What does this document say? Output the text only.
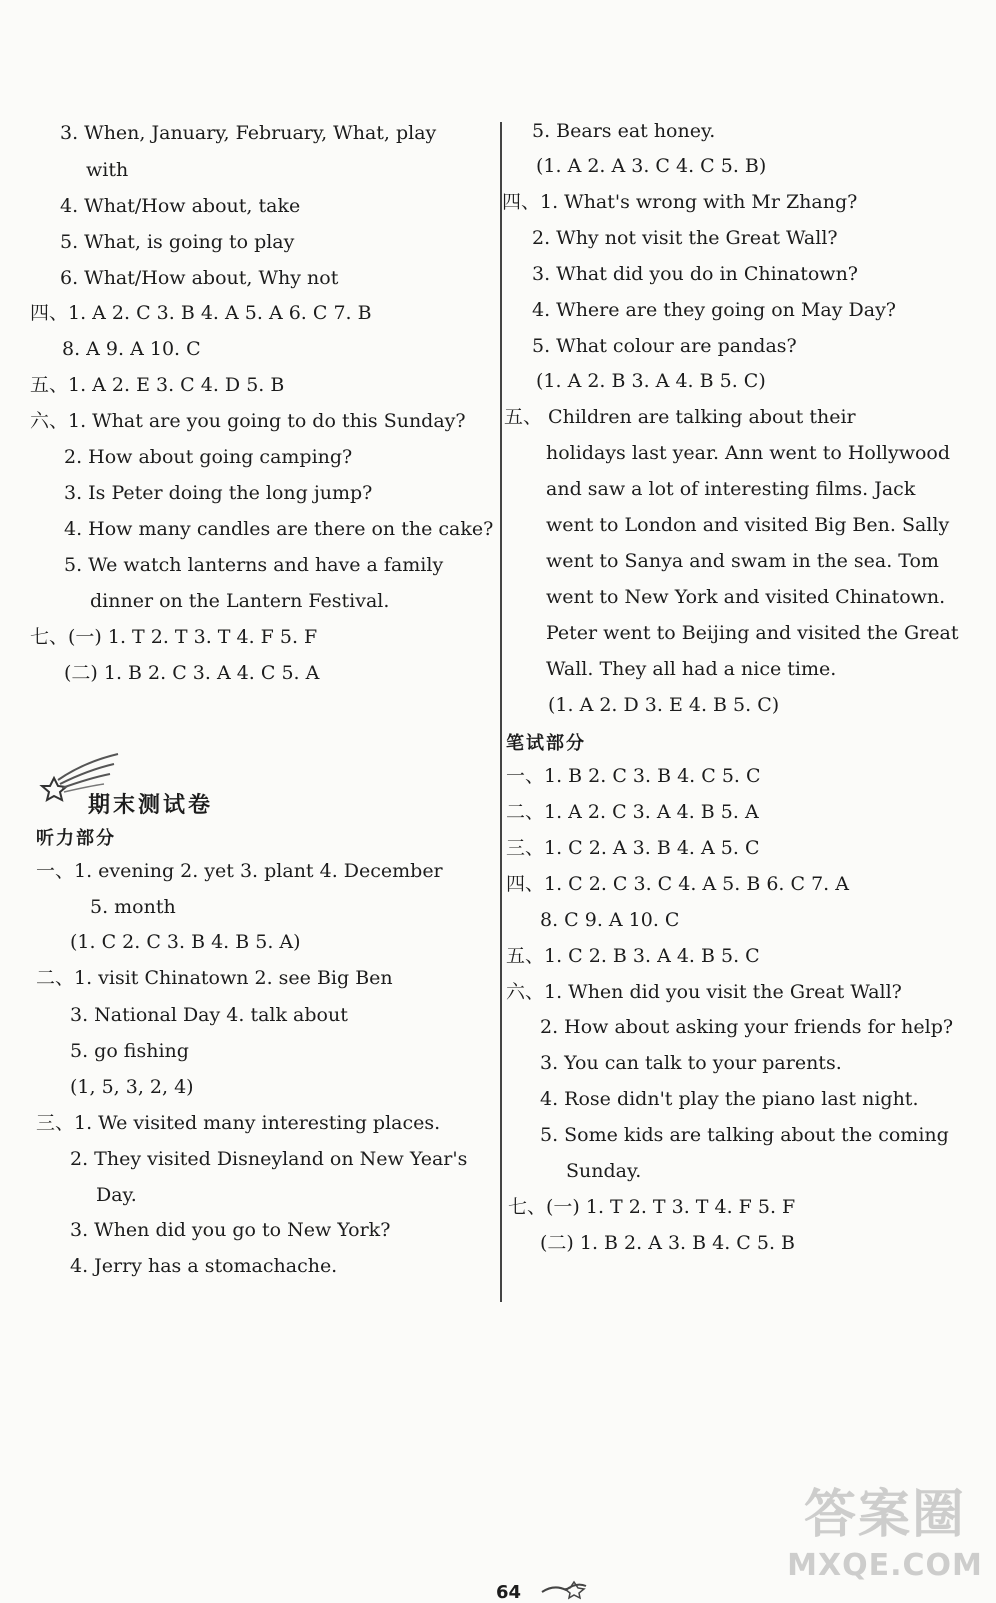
3. When, January, February, What, play
with
4. What/How about, take
5. What, is going to play
6. What/How about, Why not
四、1. A 2. C 3. B 4. A 5. A 6. C 7. B
8. A 9. A 10. C
五、1. A 2. E 3. C 4. D 5. B
六、1. What are you going to do this Sunday?
2. How about going camping?
3. Is Peter doing the long jump?
4. How many candles are there on the cake?
5. We watch lanterns and have a family
dinner on the Lantern Festival.
七、(一) 1. T 2. T 3. T 4. F 5. F
(二) 1. B 2. C 3. A 4. C 5. A
期末测试卷
听力部分
一、1. evening 2. yet 3. plant 4. December
5. month
(1. C 2. C 3. B 4. B 5. A)
二、1. visit Chinatown 2. see Big Ben
3. National Day 4. talk about
5. go fishing
(1, 5, 3, 2, 4)
三、1. We visited many interesting places.
2. They visited Disneyland on New Year's
Day.
3. When did you go to New York?
4. Jerry has a stomachache.
5. Bears eat honey.
(1. A 2. A 3. C 4. C 5. B)
四、1. What's wrong with Mr Zhang?
2. Why not visit the Great Wall?
3. What did you do in Chinatown?
4. Where are they going on May Day?
5. What colour are pandas?
(1. A 2. B 3. A 4. B 5. C)
五、 Children are talking about their
holidays last year. Ann went to Hollywood
and saw a lot of interesting films. Jack
went to London and visited Big Ben. Sally
went to Sanya and swam in the sea. Tom
went to New York and visited Chinatown.
Peter went to Beijing and visited the Great
Wall. They all had a nice time.
(1. A 2. D 3. E 4. B 5. C)
笔试部分
一、1. B 2. C 3. B 4. C 5. C
二、1. A 2. C 3. A 4. B 5. A
三、1. C 2. A 3. B 4. A 5. C
四、1. C 2. C 3. C 4. A 5. B 6. C 7. A
8. C 9. A 10. C
五、1. C 2. B 3. A 4. B 5. C
六、1. When did you visit the Great Wall?
2. How about asking your friends for help?
3. You can talk to your parents.
4. Rose didn't play the piano last night.
5. Some kids are talking about the coming
Sunday.
七、(一) 1. T 2. T 3. T 4. F 5. F
(二) 1. B 2. A 3. B 4. C 5. B
64
答案圈
MXQE.COM
